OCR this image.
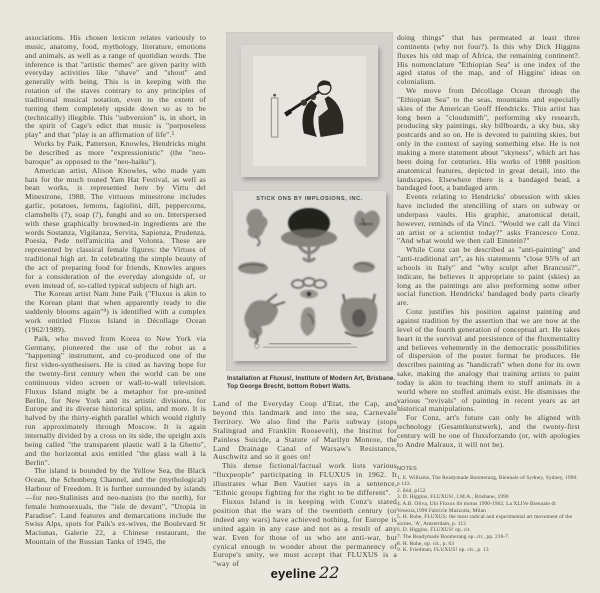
associations. His chosen lexicon relates variously to music, anatomy, food, mythology, literature, emotions and animals, as well as a range of quotidian words. The inference is that "artistic themes" are given parity with everyday activities like "shave" and "shout" and generally with being. This is in keeping with the rotation of the staves contrary to any principles of traditional musical notation, even to the extent of turning them completely upside down so as to be (technically) illegible. This "subversion" is, in short, in the spirit of Cage's edict that music is "purposeless play" and that "play is an affirmation of life".⁵

Works by Paik, Patterson, Knowles, Hendricks might be described as more "expressionistic" (the "neo-baroque" as opposed to the "neo-haiku").

American artist, Alison Knowles, who made yam hats for the much touted Yam Hat Festival, as well as bean works, is represented here by Virtu del Minestrone, 1988. The virtuous minestrone includes garlic, potatoes, lemons, fagiolini, dill, peppercorns, clamshells (?), soap (?), funghi and so on. Interspersed with these graphically browned-in ingredients are the words Sostanza, Vigilanza, Servita, Sapienza, Prudenza, Poesia, Pede nell'amicitia and Volonta. These are represented by classical female figures: the Virtues of traditional high art. In celebrating the simple beauty of the act of preparing food for friends, Knowles argues for a consideration of the everyday alongside of, or even instead of, so-called typical subjects of high art.

The Korean artist Nam June Paik ("Fluxus is akin to the Korean plant that when apparently ready to die suddenly blooms again"⁹) is identified with a complex work entitled Fluxus Island in Décollage Ocean (1962/1989).

Paik, who moved from Korea to New York via Germany, pioneered the use of the robot as a "happening" instrument, and co-produced one of the first video-synthesisers. He is cited as having hope for the twenty-first century when the world can be one continuous video screen or wall-to-wall television. Fluxus Island might be a metaphor for pre-united Berlin, for New York and its artistic divisions, for Europe and its diverse historical splits, and more. It is halved by the thirty-eighth parallel which would rightly run approximately through Moscow. It is again internally divided by a cross on its side, the upright axis being called "the transparent plastic wall à la Ghetto", and the horizontal axis entitled "the glass wall à la Berlin".

The island is bounded by the Yellow Sea, the Black Ocean, the Schonberg Channel, and the (mythological) Harbour of Freedom. It is further surrounded by islands—for neo-Stalinists and neo-nazists (to the north), for female homosexuals, the "isle de devant", "Utopia in Paradise". Land features and demarcations include the Swiss Alps, spots for Paik's ex-wives, the Boulevard St Maciunas, Galerie 22, a Chinese restaurant, the Mountain of the Russian Tanks of 1945, the

STICK ONS BY IMPLOSIONS, INC.
Installation at Fluxus!, Institute of Modern Art, Brisbane.
Top George Brecht, bottom Robert Watts.

Land of the Everyday Coup d'Etat, the Cap, and beyond this landmark and into the sea, Carnevale Territory. We also find the Paris subway (stops Stalingrad and Franklin Roosevelt), the Institut for Painless Suicide, a Statute of Marilyn Monroe, the Land Drainage Canal of Warsaw's Resistance, Auschwitz and so it goes on!

This dense fictional/factual work lists various "fluxpeople" participating in FLUXUS in 1962. It illustrates what Ben Vautier says in a sentence, "Ethnic groups fighting for the right to be different".

Fluxus Island is in keeping with Conz's stated position that the wars of the twentieth century (or indeed any wars) have achieved nothing, for Europe is united again in any case and not as a result of any war. Even for those of us who are anti-war, but cynical enough to wonder about the permanency of Europe's unity, we must accept that FLUXUS is a "way of

doing things" that has permeated at least three continents (why not four?). Is this why Dick Higgins fluxes his old map of Africa, the remaining continent?. His nomenclature "Ethiopian Sea" is one index of the aged status of the map, and of Higgins' ideas on colonialism.

We move from Décollage Ocean through the "Ethiopian Sea" to the seas, mountains and especially skies of the American Geoff Hendricks. This artist has long been a "cloudsmith", performing sky research, producing sky paintings, sky billboards, a sky bus, sky postcards and so on. He is devoted to painting skies, but only in the context of saying something else. He is not making a mere statement about "skyness", which art has been doing for centuries. His works of 1988 position anatomical features, depicted in great detail, into the landscapes. Elsewhere there is a bandaged head, a bandaged foot, a bandaged arm.

Events relating to Hendricks' obsession with skies have included the stencilling of stars on subway or underpass vaults. His graphic, anatomical detail, however, reminds of da Vinci. "Would we call da Vinci an artist or a scientist today?" asks Francesco Conz. "And what would we then call Einstein?"

While Conz can be described as "anti-painting" and "anti-traditional art", as his statements "close 95% of art schools in Italy" and "why sculpt after Brancusi?", indicate, he believes it appropriate to paint (skies) as long as the paintings are also performing some other social function. Hendricks' bandaged body parts clearly are.

Conz justifies his position against painting and against tradition by the assertion that we are now at the level of the fourth generation of conceptual art. He takes heart in the survival and persistence of the fluxmentality and believes vehemently in the democratic possibilities of dispersion of the poster format he produces. He describes painting as "handicraft" when done for its own sake, making the analogy that training artists to paint today is akin to teaching them to stuff animals in a world where no stuffed animals exist. He dismisses the various "revivals" of painting in recent years as art historical manipulations.

For Conz, art's future can only be aligned with technology (Gesamtkunstwerk), and the twenty-first century will be one of fluxsforzando (or, with apologies to Andre Malraux, it will not be).

NOTES
1. E. Williams, The Readymade Boomerang, Biennale of Sydney, Sydney, 1990. p 143.
2. ibid, p152
3. D. Higgins, FLUXUS!, I.M.A., Brisbane, 1990
4. A.B. Oliva, Ubi Fluxus ibi motus 1990-1962, La XLIVe Biennale di Venezia,1990 Fabricle Mazzotta, Milan
5. H. Ruhe, FLUXUS: the most radical and experimental art movement of the sixties, 'A', Amsterdam, p. 113
6. D. Higgins, FLUXUS! op. cit.
7. The Readymade Boomerang op. cit., pp. 216-7.
8. H. Ruhe, op. cit., p. 63
9. K. Friedman, FLUXUS! op. cit., p. 13
eyeline 22
